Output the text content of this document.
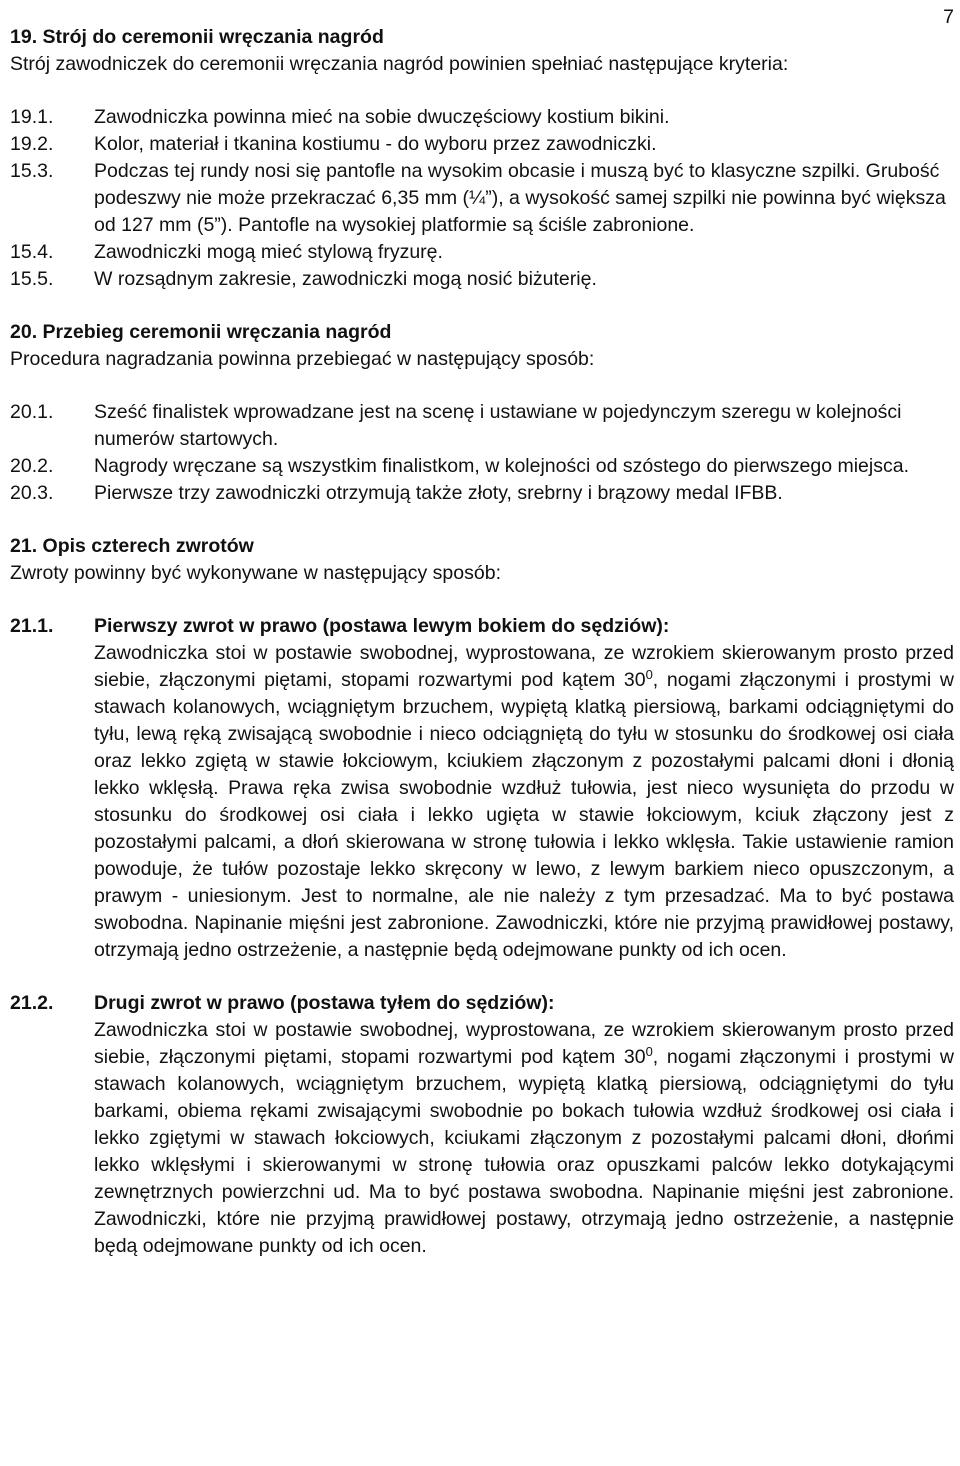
7
19. Strój do ceremonii wręczania nagród
Strój zawodniczek do ceremonii wręczania nagród powinien spełniać następujące kryteria:
19.1.	Zawodniczka powinna mieć na sobie dwuczęściowy kostium bikini.
19.2.	Kolor, materiał i tkanina kostiumu - do wyboru przez zawodniczki.
15.3.	Podczas tej rundy nosi się pantofle na wysokim obcasie i muszą być to klasyczne szpilki. Grubość podeszwy nie może przekraczać 6,35 mm (¼”), a wysokość samej szpilki nie powinna być większa od 127 mm (5”). Pantofle na wysokiej platformie są ściśle zabronione.
15.4.	Zawodniczki mogą mieć stylową fryzurę.
15.5.	W rozsądnym zakresie, zawodniczki mogą nosić biżuterię.
20. Przebieg ceremonii wręczania nagród
Procedura nagradzania powinna przebiegać w następujący sposób:
20.1.	Sześć finalistek wprowadzane jest na scenę i ustawiane w pojedynczym szeregu w kolejności numerów startowych.
20.2.	Nagrody wręczane są wszystkim finalistkom, w kolejności od szóstego do pierwszego miejsca.
20.3.	Pierwsze trzy zawodniczki otrzymują także złoty, srebrny i brązowy medal IFBB.
21. Opis czterech zwrotów
Zwroty powinny być wykonywane w następujący sposób:
21.1.	Pierwszy zwrot w prawo (postawa lewym bokiem do sędziów):
Zawodniczka stoi w postawie swobodnej, wyprostowana, ze wzrokiem skierowanym prosto przed siebie, złączonymi piętami, stopami rozwartymi pod kątem $30^0$, nogami złączonymi i prostymi w stawach kolanowych, wciągniętym brzuchem, wypiętą klatką piersiową, barkami odciągniętymi do tyłu, lewą ręką zwisającą swobodnie i nieco odciągniętą do tyłu w stosunku do środkowej osi ciała oraz lekko zgiętą w stawie łokciowym, kciukiem złączonym z pozostałymi palcami dłoni i dłonią lekko wklęsłą. Prawa ręka zwisa swobodnie wzdłuż tułowia, jest nieco wysunięta do przodu w stosunku do środkowej osi ciała i lekko ugięta w stawie łokciowym, kciuk złączony jest z pozostałymi palcami, a dłoń skierowana w stronę tułowia i lekko wklęsła. Takie ustawienie ramion powoduje, że tułów pozostaje lekko skręcony w lewo, z lewym barkiem nieco opuszczonym, a prawym - uniesionym. Jest to normalne, ale nie należy z tym przesadzać. Ma to być postawa swobodna. Napinanie mięśni jest zabronione. Zawodniczki, które nie przyjmą prawidłowej postawy, otrzymają jedno ostrzeżenie, a następnie będą odejmowane punkty od ich ocen.
21.2.	Drugi zwrot w prawo (postawa tyłem do sędziów):
Zawodniczka stoi w postawie swobodnej, wyprostowana, ze wzrokiem skierowanym prosto przed siebie, złączonymi piętami, stopami rozwartymi pod kątem $30^0$, nogami złączonymi i prostymi w stawach kolanowych, wciągniętym brzuchem, wypiętą klatką piersiową, odciągniętymi do tyłu barkami, obiema rękami zwisającymi swobodnie po bokach tułowia wzdłuż środkowej osi ciała i lekko zgiętymi w stawach łokciowych, kciukami złączonym z pozostałymi palcami dłoni, dłońmi lekko wklęsłymi i skierowanymi w stronę tułowia oraz opuszkami palców lekko dotykającymi zewnętrznych powierzchni ud. Ma to być postawa swobodna. Napinanie mięśni jest zabronione. Zawodniczki, które nie przyjmą prawidłowej postawy, otrzymają jedno ostrzeżenie, a następnie będą odejmowane punkty od ich ocen.
